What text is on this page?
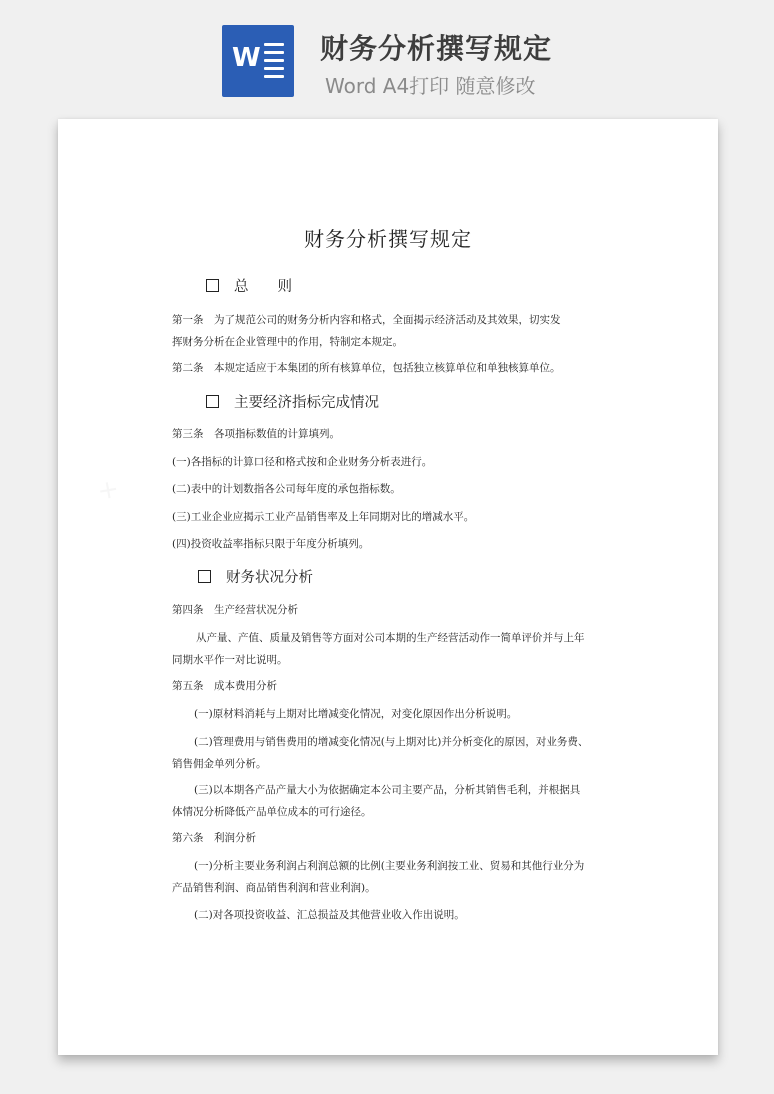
W 财务分析撰写规定
Word A4打印 随意修改
财务分析撰写规定
总　　则
第一条　为了规范公司的财务分析内容和格式，全面揭示经济活动及其效果，切实发
挥财务分析在企业管理中的作用，特制定本规定。
第二条　本规定适应于本集团的所有核算单位，包括独立核算单位和单独核算单位。
主要经济指标完成情况
第三条　各项指标数值的计算填列。
(一)各指标的计算口径和格式按和企业财务分析表进行。
(二)表中的计划数指各公司每年度的承包指标数。
(三)工业企业应揭示工业产品销售率及上年同期对比的增减水平。
(四)投资收益率指标只限于年度分析填列。
财务状况分析
第四条　生产经营状况分析
从产量、产值、质量及销售等方面对公司本期的生产经营活动作一简单评价并与上年
同期水平作一对比说明。
第五条　成本费用分析
(一)原材料消耗与上期对比增减变化情况，对变化原因作出分析说明。
(二)管理费用与销售费用的增减变化情况(与上期对比)并分析变化的原因，对业务费、
销售佣金单列分析。
(三)以本期各产品产量大小为依据确定本公司主要产品，分析其销售毛利，并根据具
体情况分析降低产品单位成本的可行途径。
第六条　利润分析
(一)分析主要业务利润占利润总额的比例(主要业务利润按工业、贸易和其他行业分为
产品销售利润、商品销售利润和营业利润)。
(二)对各项投资收益、汇总损益及其他营业收入作出说明。
